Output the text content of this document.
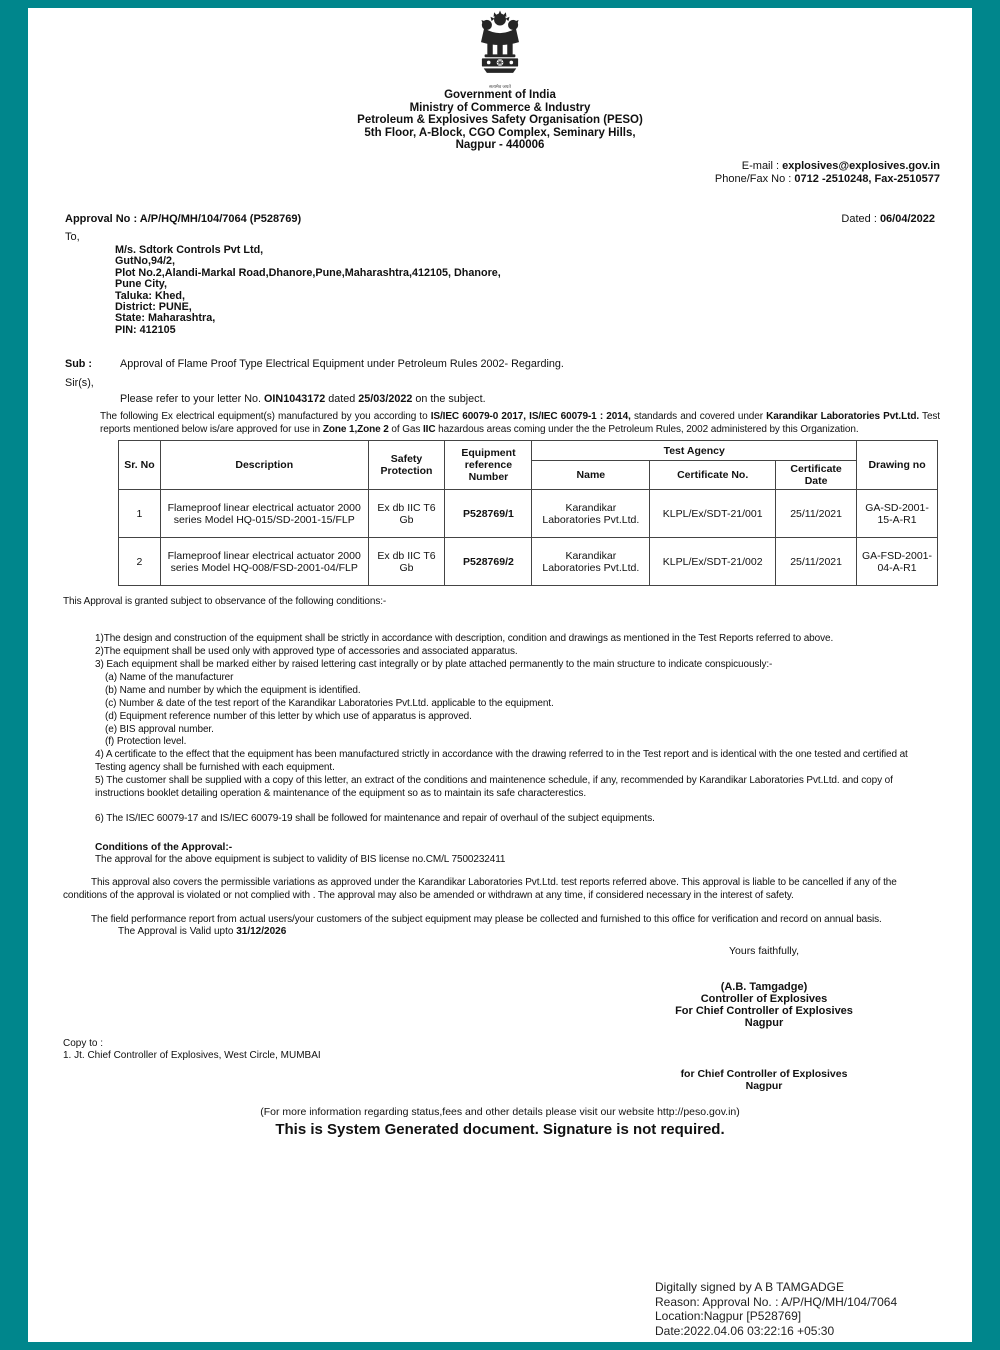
सत्यमेव जयते
Government of India
Ministry of Commerce & Industry
Petroleum & Explosives Safety Organisation (PESO)
5th Floor, A-Block, CGO Complex, Seminary Hills,
Nagpur - 440006
E-mail : explosives@explosives.gov.in
Phone/Fax No : 0712 -2510248, Fax-2510577
Approval No : A/P/HQ/MH/104/7064 (P528769)	Dated : 06/04/2022
To,
M/s. Sdtork Controls Pvt Ltd,
GutNo,94/2,
Plot No.2,Alandi-Markal Road,Dhanore,Pune,Maharashtra,412105, Dhanore,
Pune City,
Taluka: Khed,
District: PUNE,
State: Maharashtra,
PIN: 412105
Sub :	Approval of Flame Proof Type Electrical Equipment under Petroleum Rules 2002- Regarding.
Sir(s),
Please refer to your letter No. OIN1043172 dated 25/03/2022 on the subject.

The following Ex electrical equipment(s) manufactured by you according to IS/IEC 60079-0 2017, IS/IEC 60079-1 : 2014, standards and covered under Karandikar Laboratories Pvt.Ltd. Test reports mentioned below is/are approved for use in Zone 1,Zone 2 of Gas IIC hazardous areas coming under the the Petroleum Rules, 2002 administered by this Organization.

Sr. No	Description	Safety Protection	Equipment reference Number	Test Agency			Drawing no
				Name	Certificate No.	Certificate Date	
1	Flameproof linear electrical actuator 2000 series Model HQ-015/SD-2001-15/FLP	Ex db IIC T6 Gb	P528769/1	Karandikar Laboratories Pvt.Ltd.	KLPL/Ex/SDT-21/001	25/11/2021	GA-SD-2001-15-A-R1
2	Flameproof linear electrical actuator 2000 series Model HQ-008/FSD-2001-04/FLP	Ex db IIC T6 Gb	P528769/2	Karandikar Laboratories Pvt.Ltd.	KLPL/Ex/SDT-21/002	25/11/2021	GA-FSD-2001-04-A-R1
This Approval is granted subject to observance of the following conditions:-
1)The design and construction of the equipment shall be strictly in accordance with description, condition and drawings as mentioned in the Test Reports referred to above.
2)The equipment shall be used only with approved type of accessories and associated apparatus.
3) Each equipment shall be marked either by raised lettering cast integrally or by plate attached permanently to the main structure to indicate conspicuously:-
(a) Name of the manufacturer
(b) Name and number by which the equipment is identified.
(c) Number & date of the test report of the Karandikar Laboratories Pvt.Ltd. applicable to the equipment.
(d) Equipment reference number of this letter by which use of apparatus is approved.
(e) BIS approval number.
(f) Protection level.
4) A certificate to the effect that the equipment has been manufactured strictly in accordance with the drawing referred to in the Test report and is identical with the one tested and certified at Testing agency shall be furnished with each equipment.
5) The customer shall be supplied with a copy of this letter, an extract of the conditions and maintenence schedule, if any, recommended by Karandikar Laboratories Pvt.Ltd. and copy of instructions booklet detailing operation & maintenance of the equipment so as to maintain its safe characterestics.
6) The IS/IEC 60079-17 and IS/IEC 60079-19 shall be followed for maintenance and repair of overhaul of the subject equipments.
Conditions of the Approval:-
The approval for the above equipment is subject to validity of BIS license no.CM/L 7500232411
This approval also covers the permissible variations as approved under the Karandikar Laboratories Pvt.Ltd. test reports referred above. This approval is liable to be cancelled if any of the conditions of the approval is violated or not complied with . The approval may also be amended or withdrawn at any time, if considered necessary in the interest of safety.
The field performance report from actual users/your customers of the subject equipment may please be collected and furnished to this office for verification and record on annual basis.
The Approval is Valid upto 31/12/2026
Yours faithfully,
(A.B. Tamgadge)
Controller of Explosives
For Chief Controller of Explosives
Nagpur
Copy to :
1. Jt. Chief Controller of Explosives, West Circle, MUMBAI
for Chief Controller of Explosives
Nagpur
(For more information regarding status,fees and other details please visit our website http://peso.gov.in)
This is System Generated document. Signature is not required.
Digitally signed by A B TAMGADGE
Reason: Approval No. : A/P/HQ/MH/104/7064
Location:Nagpur [P528769]
Date:2022.04.06 03:22:16 +05:30
